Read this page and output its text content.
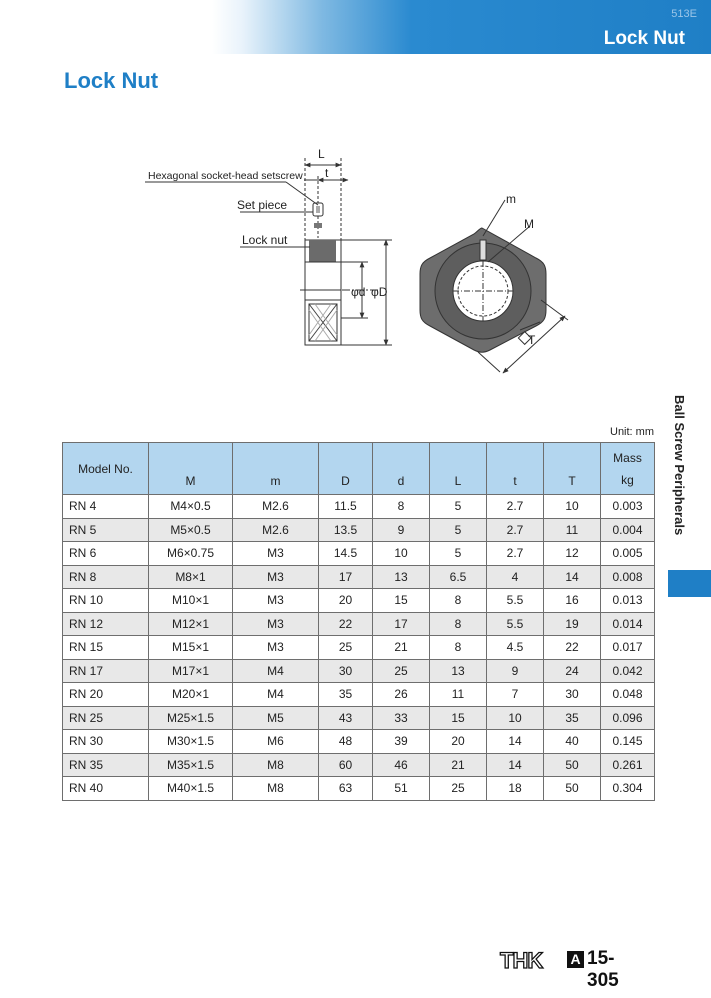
513E
Lock Nut
Lock Nut
L
t
Hexagonal socket-head setscrew
Set piece
Lock nut
φd φD
m
M
T
Ball Screw Peripherals
Unit: mm
Model No.	M	m	D	d	L	t	T	Mass
kg
RN 4	M4×0.5	M2.6	11.5	8	5	2.7	10	0.003
RN 5	M5×0.5	M2.6	13.5	9	5	2.7	11	0.004
RN 6	M6×0.75	M3	14.5	10	5	2.7	12	0.005
RN 8	M8×1	M3	17	13	6.5	4	14	0.008
RN 10	M10×1	M3	20	15	8	5.5	16	0.013
RN 12	M12×1	M3	22	17	8	5.5	19	0.014
RN 15	M15×1	M3	25	21	8	4.5	22	0.017
RN 17	M17×1	M4	30	25	13	9	24	0.042
RN 20	M20×1	M4	35	26	11	7	30	0.048
RN 25	M25×1.5	M5	43	33	15	10	35	0.096
RN 30	M30×1.5	M6	48	39	20	14	40	0.145
RN 35	M35×1.5	M8	60	46	21	14	50	0.261
RN 40	M40×1.5	M8	63	51	25	18	50	0.304
THK A 15-305
